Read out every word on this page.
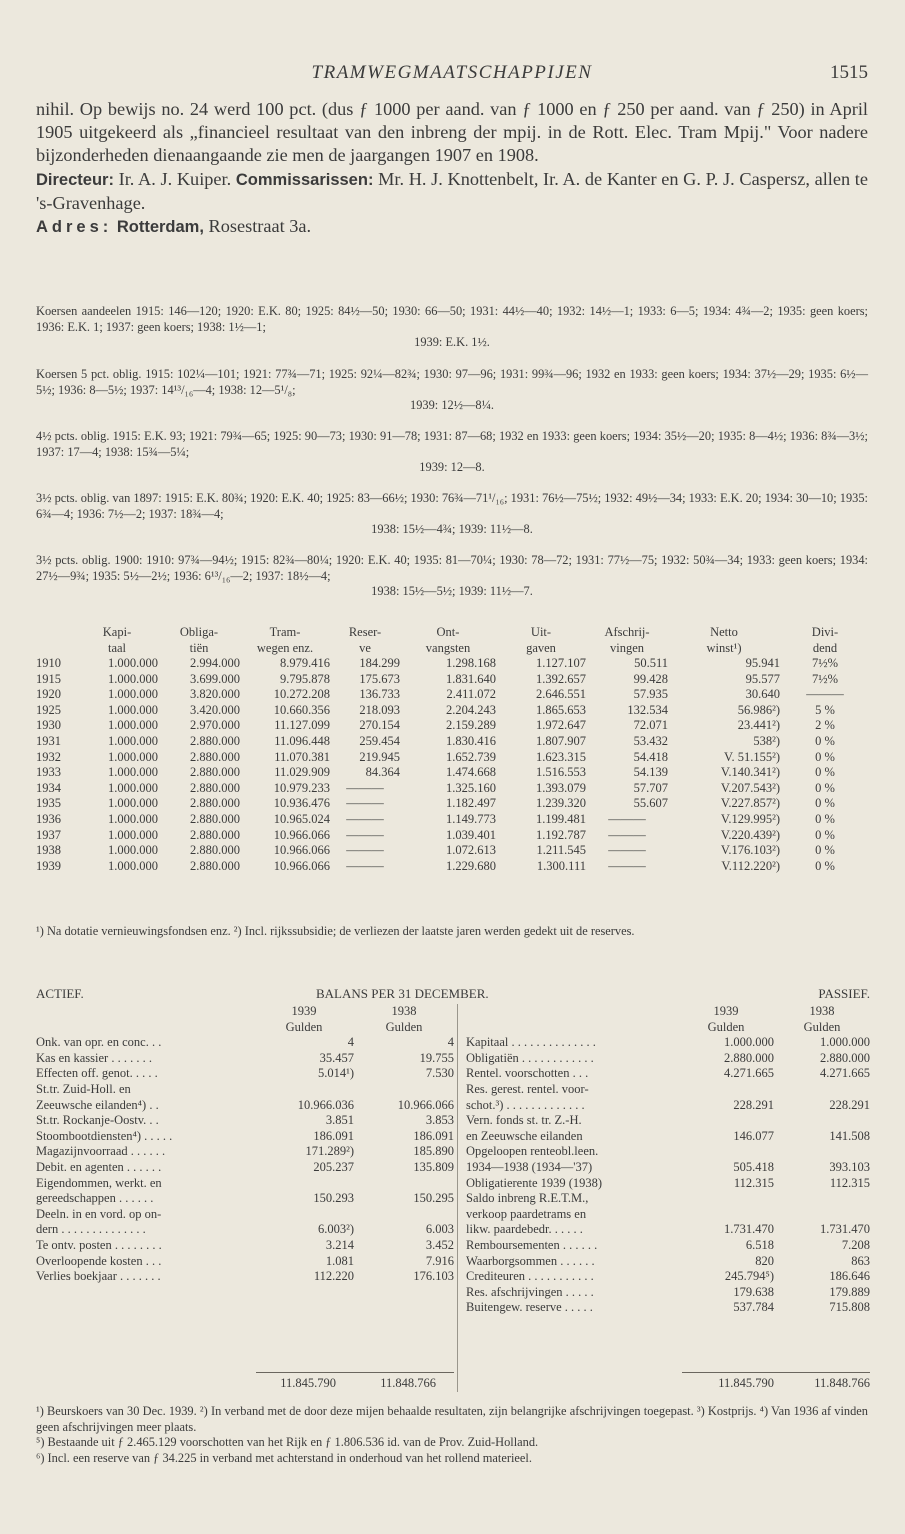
TRAMWEGMAATSCHAPPIJEN	1515

nihil. Op bewijs no. 24 werd 100 pct. (dus ƒ 1000 per aand. van ƒ 1000 en ƒ 250 per aand. van ƒ 250) in April 1905 uitgekeerd als „financieel resultaat van den inbreng der mpij. in de Rott. Elec. Tram Mpij." Voor nadere bijzonderheden dienaangaande zie men de jaargangen 1907 en 1908.

Directeur: Ir. A. J. Kuiper. Commissarissen: Mr. H. J. Knottenbelt, Ir. A. de Kanter en G. P. J. Caspersz, allen te 's-Gravenhage.

Adres: Rotterdam, Rosestraat 3a.

Koersen aandeelen 1915: 146—120; 1920: E.K. 80; 1925: 84½—50; 1930: 66—50; 1931: 44½—40; 1932: 14½—1; 1933: 6—5; 1934: 4¾—2; 1935: geen koers; 1936: E.K. 1; 1937: geen koers; 1938: 1½—1;

1939: E.K. 1½.

Koersen 5 pct. oblig. 1915: 102¼—101; 1921: 77¾—71; 1925: 92¼—82¾; 1930: 97—96; 1931: 99¾—96; 1932 en 1933: geen koers; 1934: 37½—29; 1935: 6½—5½; 1936: 8—5½; 1937: 14¹³/₁₆—4; 1938: 12—5¹/₈;

1939: 12½—8¼.

4½ pcts. oblig. 1915: E.K. 93; 1921: 79¾—65; 1925: 90—73; 1930: 91—78; 1931: 87—68; 1932 en 1933: geen koers; 1934: 35½—20; 1935: 8—4½; 1936: 8¾—3½; 1937: 17—4; 1938: 15¾—5¼;

1939: 12—8.

3½ pcts. oblig. van 1897: 1915: E.K. 80¾; 1920: E.K. 40; 1925: 83—66½; 1930: 76¾—71¹/₁₆; 1931: 76½—75½; 1932: 49½—34; 1933: E.K. 20; 1934: 30—10; 1935: 6¾—4; 1936: 7½—2; 1937: 18¾—4;

1938: 15½—4¾; 1939: 11½—8.

3½ pcts. oblig. 1900: 1910: 97¾—94½; 1915: 82¾—80¼; 1920: E.K. 40; 1935: 81—70¼; 1930: 78—72; 1931: 77½—75; 1932: 50¾—34; 1933: geen koers; 1934: 27½—9¾; 1935: 5½—2½; 1936: 6¹³/₁₆—2; 1937: 18½—4;

1938: 15½—5½; 1939: 11½—7.

	Kapi-	Obliga-	Tram-	Reser-	Ont-	Uit-	Afschrij-	Netto	Divi-
	taal	tiën	wegen enz.	ve	vangsten	gaven	vingen	winst¹)	dend
1910	1.000.000	2.994.000	8.979.416	184.299	1.298.168	1.127.107	50.511	95.941	7½%
1915	1.000.000	3.699.000	9.795.878	175.673	1.831.640	1.392.657	99.428	95.577	7½%
1920	1.000.000	3.820.000	10.272.208	136.733	2.411.072	2.646.551	57.935	30.640	———
1925	1.000.000	3.420.000	10.660.356	218.093	2.204.243	1.865.653	132.534	56.986²)	5 %
1930	1.000.000	2.970.000	11.127.099	270.154	2.159.289	1.972.647	72.071	23.441²)	2 %
1931	1.000.000	2.880.000	11.096.448	259.454	1.830.416	1.807.907	53.432	538²)	0 %
1932	1.000.000	2.880.000	11.070.381	219.945	1.652.739	1.623.315	54.418	V. 51.155²)	0 %
1933	1.000.000	2.880.000	11.029.909	84.364	1.474.668	1.516.553	54.139	V.140.341²)	0 %
1934	1.000.000	2.880.000	10.979.233	———	1.325.160	1.393.079	57.707	V.207.543²)	0 %
1935	1.000.000	2.880.000	10.936.476	———	1.182.497	1.239.320	55.607	V.227.857²)	0 %
1936	1.000.000	2.880.000	10.965.024	———	1.149.773	1.199.481	———	V.129.995²)	0 %
1937	1.000.000	2.880.000	10.966.066	———	1.039.401	1.192.787	———	V.220.439²)	0 %
1938	1.000.000	2.880.000	10.966.066	———	1.072.613	1.211.545	———	V.176.103²)	0 %
1939	1.000.000	2.880.000	10.966.066	———	1.229.680	1.300.111	———	V.112.220²)	0 %

¹) Na dotatie vernieuwingsfondsen enz. ²) Incl. rijkssubsidie; de verliezen der laatste jaren werden gedekt uit de reserves.

ACTIEF.	BALANS PER 31 DECEMBER.	PASSIEF.
	1939	1938
	Gulden	Gulden
Onk. van opr. en conc. . .	4	4
Kas en kassier . . . . . . .	35.457	19.755
Effecten off. genot. . . . .	5.014¹)	7.530
St.tr. Zuid-Holl. en		
Zeeuwsche eilanden⁴) . .	10.966.036	10.966.066
St.tr. Rockanje-Oostv. . .	3.851	3.853
Stoombootdiensten⁴) . . . . .	186.091	186.091
Magazijnvoorraad . . . . . .	171.289²)	185.890
Debit. en agenten . . . . . .	205.237	135.809
Eigendommen, werkt. en		
gereedschappen . . . . . .	150.293	150.295
Deeln. in en vord. op on-		
dern . . . . . . . . . . . . . .	6.003²)	6.003
Te ontv. posten . . . . . . . .	3.214	3.452
Overloopende kosten . . .	1.081	7.916
Verlies boekjaar . . . . . . .	112.220	176.103
	1939	1938
	Gulden	Gulden
Kapitaal . . . . . . . . . . . . . .	1.000.000	1.000.000
Obligatiën . . . . . . . . . . . .	2.880.000	2.880.000
Rentel. voorschotten . . .	4.271.665	4.271.665
Res. gerest. rentel. voor-		
schot.³) . . . . . . . . . . . . .	228.291	228.291
Vern. fonds st. tr. Z.-H.		
en Zeeuwsche eilanden	146.077	141.508
Opgeloopen renteobl.leen.		
1934—1938 (1934—'37)	505.418	393.103
Obligatierente 1939 (1938)	112.315	112.315
Saldo inbreng R.E.T.M.,		
verkoop paardetrams en		
likw. paardebedr. . . . . .	1.731.470	1.731.470
Remboursementen . . . . . .	6.518	7.208
Waarborgsommen . . . . . .	820	863
Crediteuren . . . . . . . . . . .	245.794⁵)	186.646
Res. afschrijvingen . . . . .	179.638	179.889
Buitengew. reserve . . . . .	537.784	715.808
11.845.790	11.848.766	11.845.790	11.848.766

¹) Beurskoers van 30 Dec. 1939. ²) In verband met de door deze mijen behaalde resultaten, zijn belangrijke afschrijvingen toegepast. ³) Kostprijs. ⁴) Van 1936 af vinden geen afschrijvingen meer plaats.

⁵) Bestaande uit ƒ 2.465.129 voorschotten van het Rijk en ƒ 1.806.536 id. van de Prov. Zuid-Holland.

⁶) Incl. een reserve van ƒ 34.225 in verband met achterstand in onderhoud van het rollend materieel.
